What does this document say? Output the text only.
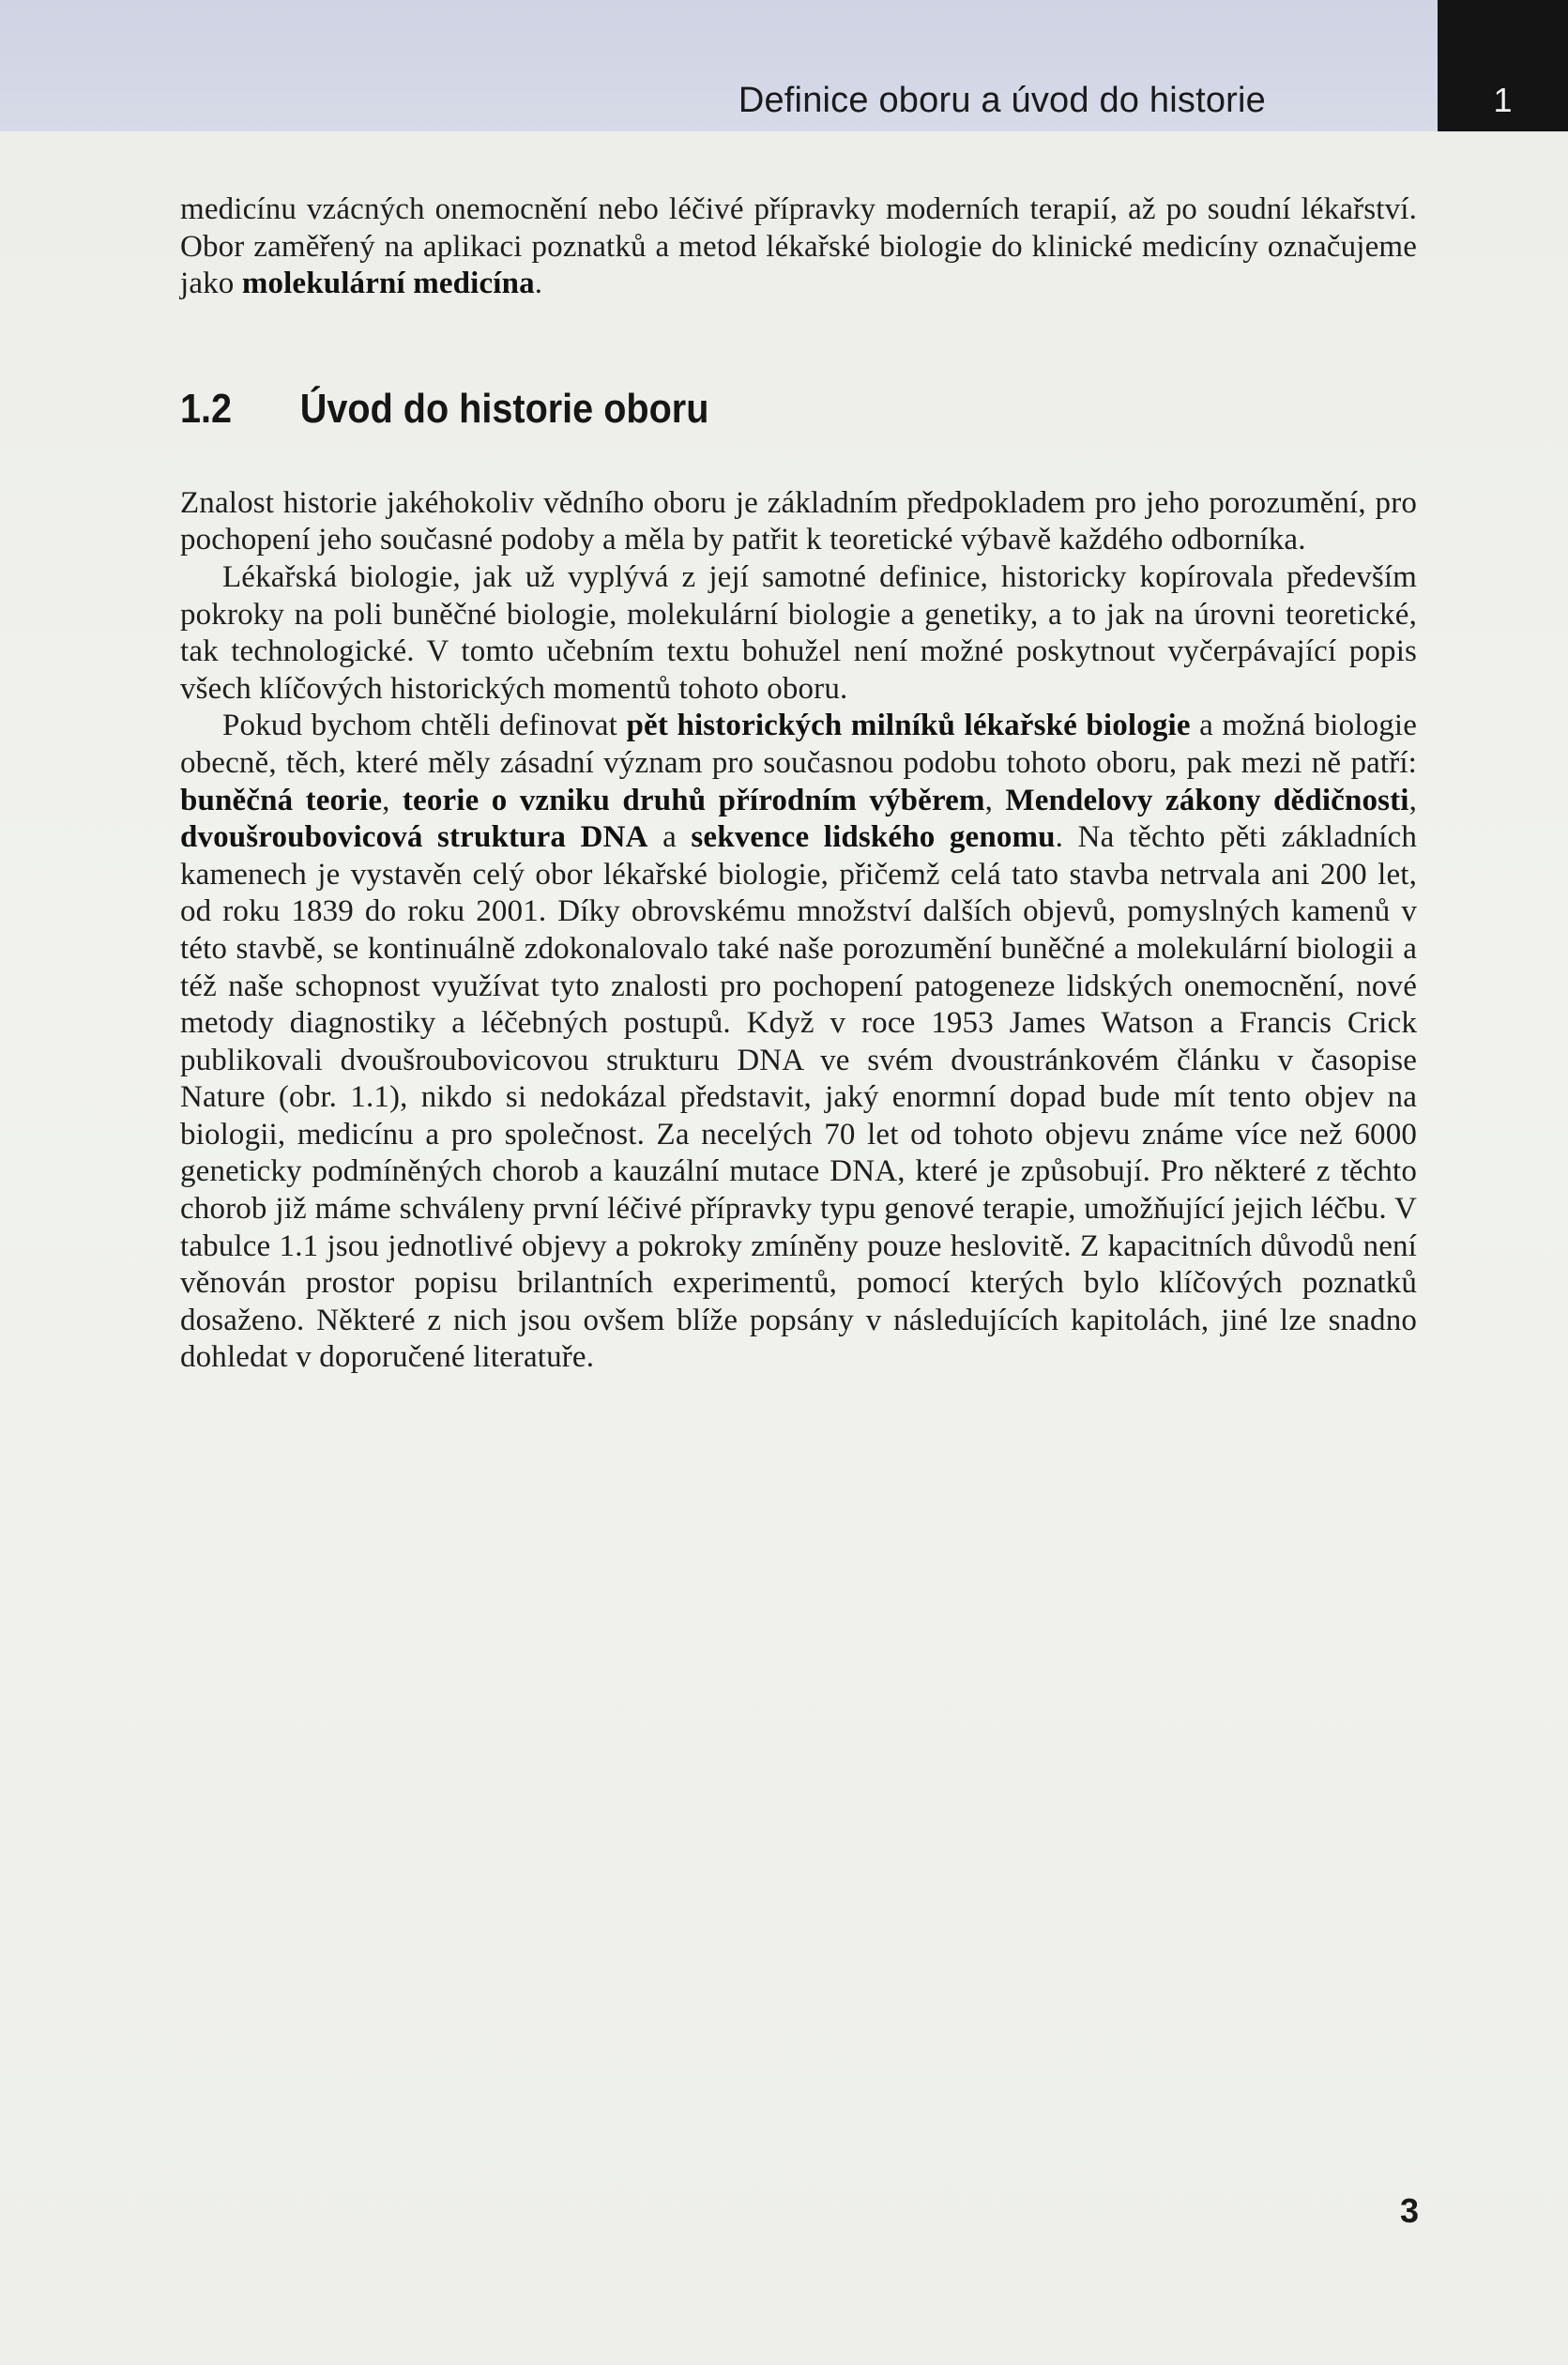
Definice oboru a úvod do historie	1

medicínu vzácných onemocnění nebo léčivé přípravky moderních terapií, až po soudní lékařství. Obor zaměřený na aplikaci poznatků a metod lékařské biologie do klinické medicíny označujeme jako molekulární medicína.

1.2	Úvod do historie oboru

Znalost historie jakéhokoliv vědního oboru je základním předpokladem pro jeho porozumění, pro pochopení jeho současné podoby a měla by patřit k teoretické výbavě každého odborníka.

Lékařská biologie, jak už vyplývá z její samotné definice, historicky kopírovala především pokroky na poli buněčné biologie, molekulární biologie a genetiky, a to jak na úrovni teoretické, tak technologické. V tomto učebním textu bohužel není možné poskytnout vyčerpávající popis všech klíčových historických momentů tohoto oboru.

Pokud bychom chtěli definovat pět historických milníků lékařské biologie a možná biologie obecně, těch, které měly zásadní význam pro současnou podobu tohoto oboru, pak mezi ně patří: buněčná teorie, teorie o vzniku druhů přírodním výběrem, Mendelovy zákony dědičnosti, dvoušroubovicová struktura DNA a sekvence lidského genomu. Na těchto pěti základních kamenech je vystavěn celý obor lékařské biologie, přičemž celá tato stavba netrvala ani 200 let, od roku 1839 do roku 2001. Díky obrovskému množství dalších objevů, pomyslných kamenů v této stavbě, se kontinuálně zdokonalovalo také naše porozumění buněčné a molekulární biologii a též naše schopnost využívat tyto znalosti pro pochopení patogeneze lidských onemocnění, nové metody diagnostiky a léčebných postupů. Když v roce 1953 James Watson a Francis Crick publikovali dvoušroubovicovou strukturu DNA ve svém dvoustránkovém článku v časopise Nature (obr. 1.1), nikdo si nedokázal představit, jaký enormní dopad bude mít tento objev na biologii, medicínu a pro společnost. Za necelých 70 let od tohoto objevu známe více než 6000 geneticky podmíněných chorob a kauzální mutace DNA, které je způsobují. Pro některé z těchto chorob již máme schváleny první léčivé přípravky typu genové terapie, umožňující jejich léčbu. V tabulce 1.1 jsou jednotlivé objevy a pokroky zmíněny pouze heslovitě. Z kapacitních důvodů není věnován prostor popisu brilantních experimentů, pomocí kterých bylo klíčových poznatků dosaženo. Některé z nich jsou ovšem blíže popsány v následujících kapitolách, jiné lze snadno dohledat v doporučené literatuře.

3
